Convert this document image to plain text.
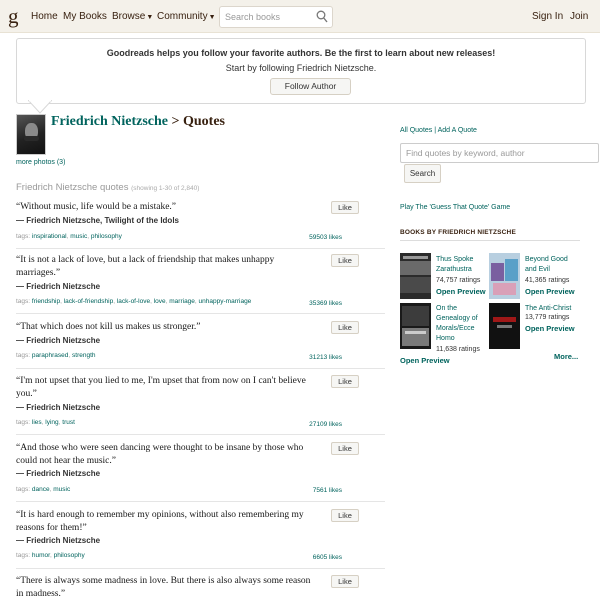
g Home My Books Browse▼ Community▼
Search books	Sign In Join
Goodreads helps you follow your favorite authors. Be the first to learn about new releases!
Start by following Friedrich Nietzsche.
Follow Author
Friedrich Nietzsche > Quotes
more photos (3)
Friedrich Nietzsche quotes (showing 1-30 of 2,840)
“Without music, life would be a mistake.”
― Friedrich Nietzsche, Twilight of the Idols
Like
tags: inspirational, music, philosophy	59503 likes
“It is not a lack of love, but a lack of friendship that makes unhappy marriages.”
― Friedrich Nietzsche
Like
tags: friendship, lack-of-friendship, lack-of-love, love, marriage, unhappy-marriage	35369 likes
“That which does not kill us makes us stronger.”
― Friedrich Nietzsche
Like
tags: paraphrased, strength	31213 likes
“I'm not upset that you lied to me, I'm upset that from now on I can't believe you.”
― Friedrich Nietzsche
Like
tags: lies, lying, trust	27109 likes
“And those who were seen dancing were thought to be insane by those who could not hear the music.”
― Friedrich Nietzsche
Like
tags: dance, music	7561 likes
“It is hard enough to remember my opinions, without also remembering my reasons for them!”
― Friedrich Nietzsche
Like
tags: humor, philosophy	6605 likes
“There is always some madness in love. But there is also always some reason in madness.”
Like
All Quotes | Add A Quote
Find quotes by keyword, author
Search
Play The 'Guess That Quote' Game
BOOKS BY FRIEDRICH NIETZSCHE
Thus Spoke Zarathustra
74,757 ratings
Open Preview
Beyond Good and Evil
41,365 ratings
Open Preview
On the Genealogy of Morals/Ecce Homo
11,638 ratings
Open Preview
The Anti-Christ
13,779 ratings
Open Preview
More...
